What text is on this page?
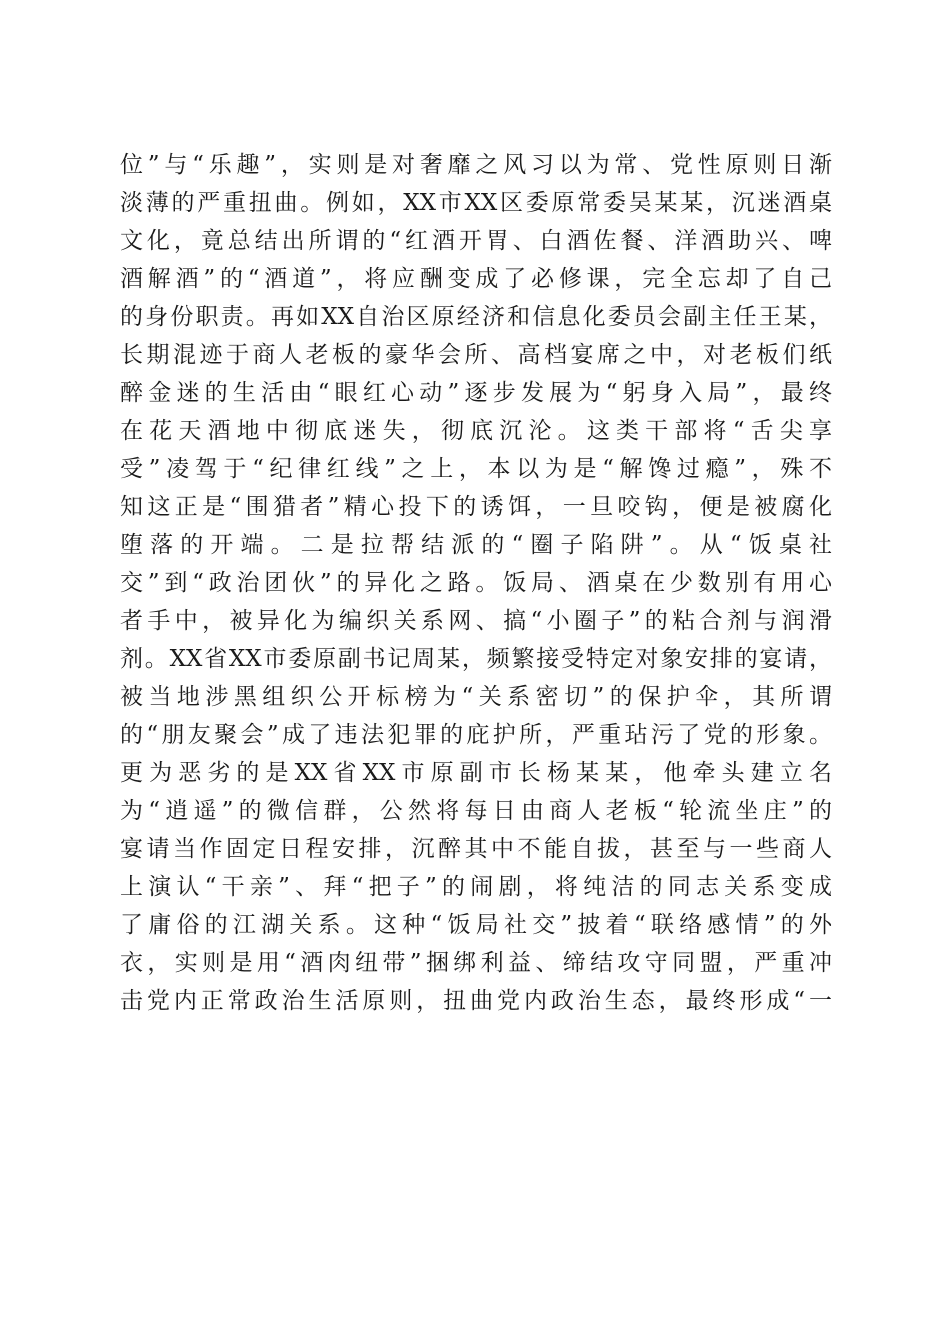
位”与“乐趣”，实则是对奢靡之风习以为常、党性原则日渐
淡薄的严重扭曲。例如，XX市XX区委原常委吴某某，沉迷酒桌
文化，竟总结出所谓的“红酒开胃、白酒佐餐、洋酒助兴、啤
酒解酒”的“酒道”，将应酬变成了必修课，完全忘却了自己
的身份职责。再如XX自治区原经济和信息化委员会副主任王某，
长期混迹于商人老板的豪华会所、高档宴席之中，对老板们纸
醉金迷的生活由“眼红心动”逐步发展为“躬身入局”，最终
在花天酒地中彻底迷失，彻底沉沦。这类干部将“舌尖享
受”凌驾于“纪律红线”之上，本以为是“解馋过瘾”，殊不
知这正是“围猎者”精心投下的诱饵，一旦咬钩，便是被腐化
堕落的开端。二是拉帮结派的“圈子陷阱”。从“饭桌社
交”到“政治团伙”的异化之路。饭局、酒桌在少数别有用心
者手中，被异化为编织关系网、搞“小圈子”的粘合剂与润滑
剂。XX省XX市委原副书记周某，频繁接受特定对象安排的宴请，
被当地涉黑组织公开标榜为“关系密切”的保护伞，其所谓
的“朋友聚会”成了违法犯罪的庇护所，严重玷污了党的形象。
更为恶劣的是XX省XX市原副市长杨某某，他牵头建立名
为“逍遥”的微信群，公然将每日由商人老板“轮流坐庄”的
宴请当作固定日程安排，沉醉其中不能自拔，甚至与一些商人
上演认“干亲”、拜“把子”的闹剧，将纯洁的同志关系变成
了庸俗的江湖关系。这种“饭局社交”披着“联络感情”的外
衣，实则是用“酒肉纽带”捆绑利益、缔结攻守同盟，严重冲
击党内正常政治生活原则，扭曲党内政治生态，最终形成“一
